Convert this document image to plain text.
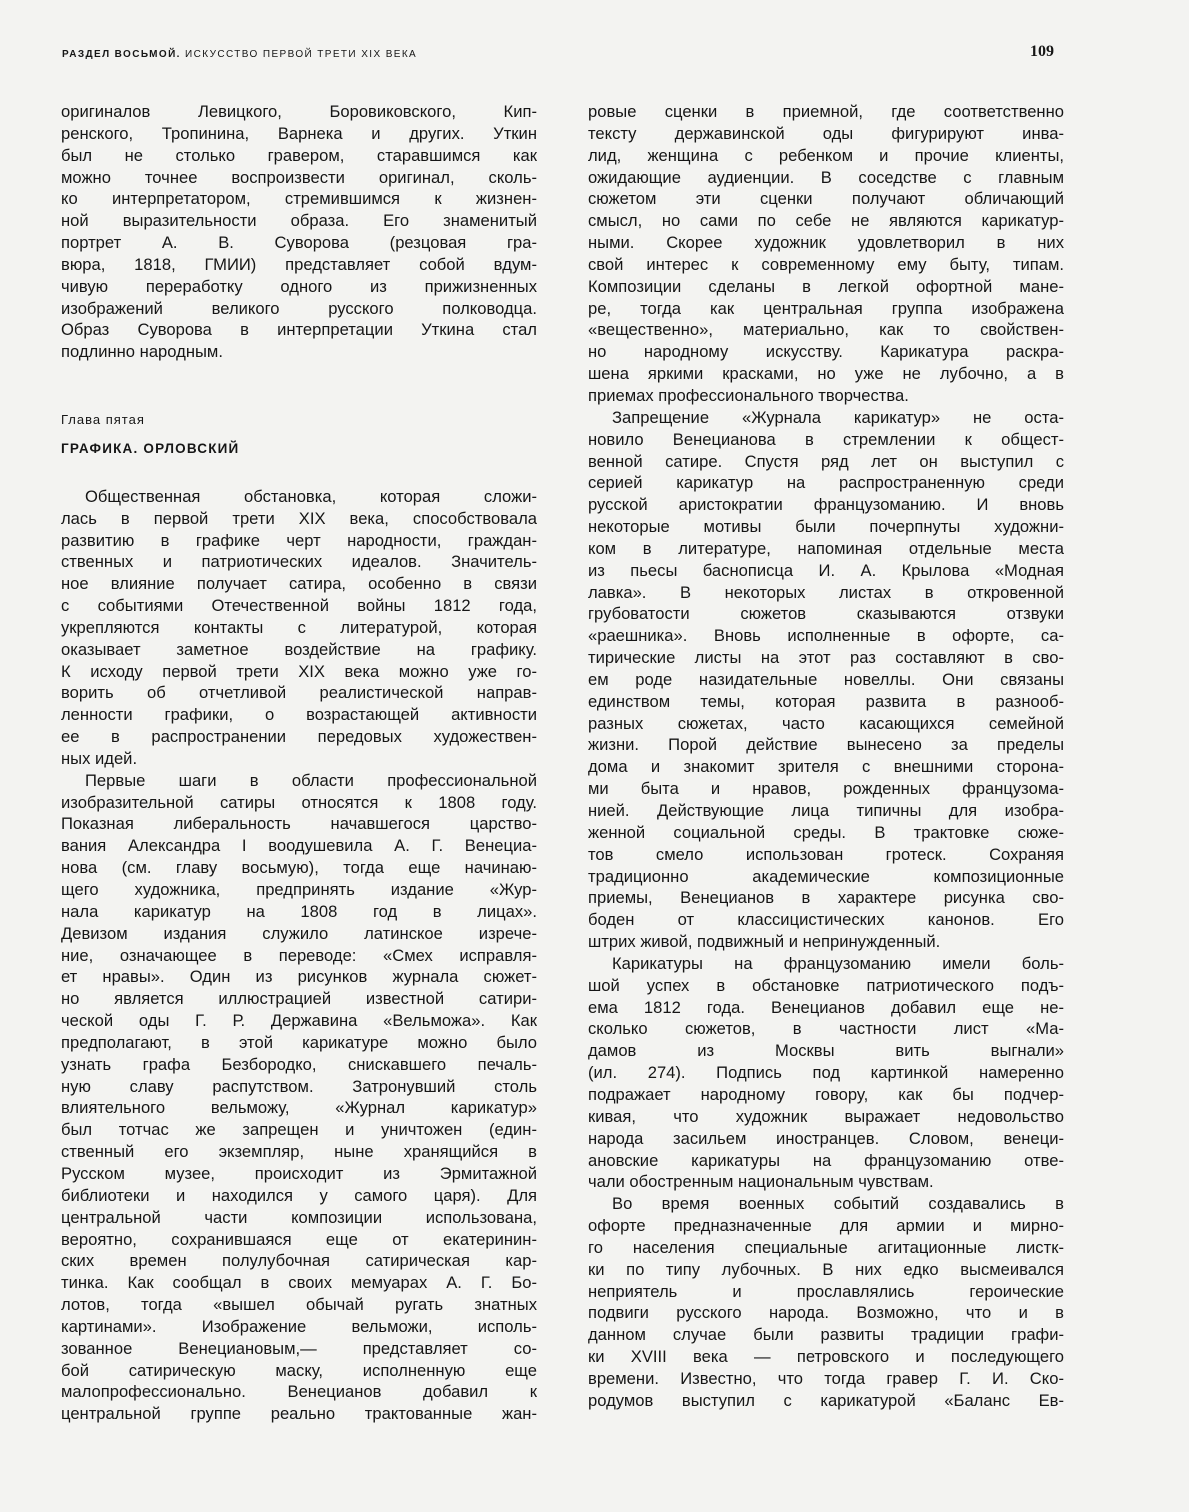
РАЗДЕЛ ВОСЬМОЙ. ИСКУССТВО ПЕРВОЙ ТРЕТИ XIX ВЕКА	109
оригиналов Левицкого, Боровиковского, Кип-
ренского, Тропинина, Варнека и других. Уткин
был не столько гравером, старавшимся как
можно точнее воспроизвести оригинал, сколь-
ко интерпретатором, стремившимся к жизнен-
ной выразительности образа. Его знаменитый
портрет А. В. Суворова (резцовая гра-
вюра, 1818, ГМИИ) представляет собой вдум-
чивую переработку одного из прижизненных
изображений великого русского полководца.
Образ Суворова в интерпретации Уткина стал
подлинно народным.
Глава пятая
ГРАФИКА. ОРЛОВСКИЙ
Общественная обстановка, которая сложи-
лась в первой трети XIX века, способствовала
развитию в графике черт народности, граждан-
ственных и патриотических идеалов. Значитель-
ное влияние получает сатира, особенно в связи
с событиями Отечественной войны 1812 года,
укрепляются контакты с литературой, которая
оказывает заметное воздействие на графику.
К исходу первой трети XIX века можно уже го-
ворить об отчетливой реалистической направ-
ленности графики, о возрастающей активности
ее в распространении передовых художествен-
ных идей.
Первые шаги в области профессиональной
изобразительной сатиры относятся к 1808 году.
Показная либеральность начавшегося царство-
вания Александра I воодушевила А. Г. Венециа-
нова (см. главу восьмую), тогда еще начинаю-
щего художника, предпринять издание «Жур-
нала карикатур на 1808 год в лицах».
Девизом издания служило латинское изрече-
ние, означающее в переводе: «Смех исправля-
ет нравы». Один из рисунков журнала сюжет-
но является иллюстрацией известной сатири-
ческой оды Г. Р. Державина «Вельможа». Как
предполагают, в этой карикатуре можно было
узнать графа Безбородко, снискавшего печаль-
ную славу распутством. Затронувший столь
влиятельного вельможу, «Журнал карикатур»
был тотчас же запрещен и уничтожен (един-
ственный его экземпляр, ныне хранящийся в
Русском музее, происходит из Эрмитажной
библиотеки и находился у самого царя). Для
центральной части композиции использована,
вероятно, сохранившаяся еще от екатеринин-
ских времен полулубочная сатирическая кар-
тинка. Как сообщал в своих мемуарах А. Г. Бо-
лотов, тогда «вышел обычай ругать знатных
картинами». Изображение вельможи, исполь-
зованное Венециановым,— представляет со-
бой сатирическую маску, исполненную еще
малопрофессионально. Венецианов добавил к
центральной группе реально трактованные жан-
ровые сценки в приемной, где соответственно
тексту державинской оды фигурируют инва-
лид, женщина с ребенком и прочие клиенты,
ожидающие аудиенции. В соседстве с главным
сюжетом эти сценки получают обличающий
смысл, но сами по себе не являются карикатур-
ными. Скорее художник удовлетворил в них
свой интерес к современному ему быту, типам.
Композиции сделаны в легкой офортной мане-
ре, тогда как центральная группа изображена
«вещественно», материально, как то свойствен-
но народному искусству. Карикатура раскра-
шена яркими красками, но уже не лубочно, а в
приемах профессионального творчества.
Запрещение «Журнала карикатур» не оста-
новило Венецианова в стремлении к общест-
венной сатире. Спустя ряд лет он выступил с
серией карикатур на распространенную среди
русской аристократии французоманию. И вновь
некоторые мотивы были почерпнуты художни-
ком в литературе, напоминая отдельные места
из пьесы баснописца И. А. Крылова «Модная
лавка». В некоторых листах в откровенной
грубоватости сюжетов сказываются отзвуки
«раешника». Вновь исполненные в офорте, са-
тирические листы на этот раз составляют в сво-
ем роде назидательные новеллы. Они связаны
единством темы, которая развита в разнооб-
разных сюжетах, часто касающихся семейной
жизни. Порой действие вынесено за пределы
дома и знакомит зрителя с внешними сторона-
ми быта и нравов, рожденных французома-
нией. Действующие лица типичны для изобра-
женной социальной среды. В трактовке сюже-
тов смело использован гротеск. Сохраняя
традиционно академические композиционные
приемы, Венецианов в характере рисунка сво-
боден от классицистических канонов. Его
штрих живой, подвижный и непринужденный.
Карикатуры на французоманию имели боль-
шой успех в обстановке патриотического подъ-
ема 1812 года. Венецианов добавил еще не-
сколько сюжетов, в частности лист «Ма-
дамов из Москвы вить выгнали»
(ил. 274). Подпись под картинкой намеренно
подражает народному говору, как бы подчер-
кивая, что художник выражает недовольство
народа засильем иностранцев. Словом, венеци-
ановские карикатуры на французоманию отве-
чали обостренным национальным чувствам.
Во время военных событий создавались в
офорте предназначенные для армии и мирно-
го населения специальные агитационные листк-
ки по типу лубочных. В них едко высмеивался
неприятель и прославлялись героические
подвиги русского народа. Возможно, что и в
данном случае были развиты традиции графи-
ки XVIII века — петровского и последующего
времени. Известно, что тогда гравер Г. И. Ско-
родумов выступил с карикатурой «Баланс Ев-
